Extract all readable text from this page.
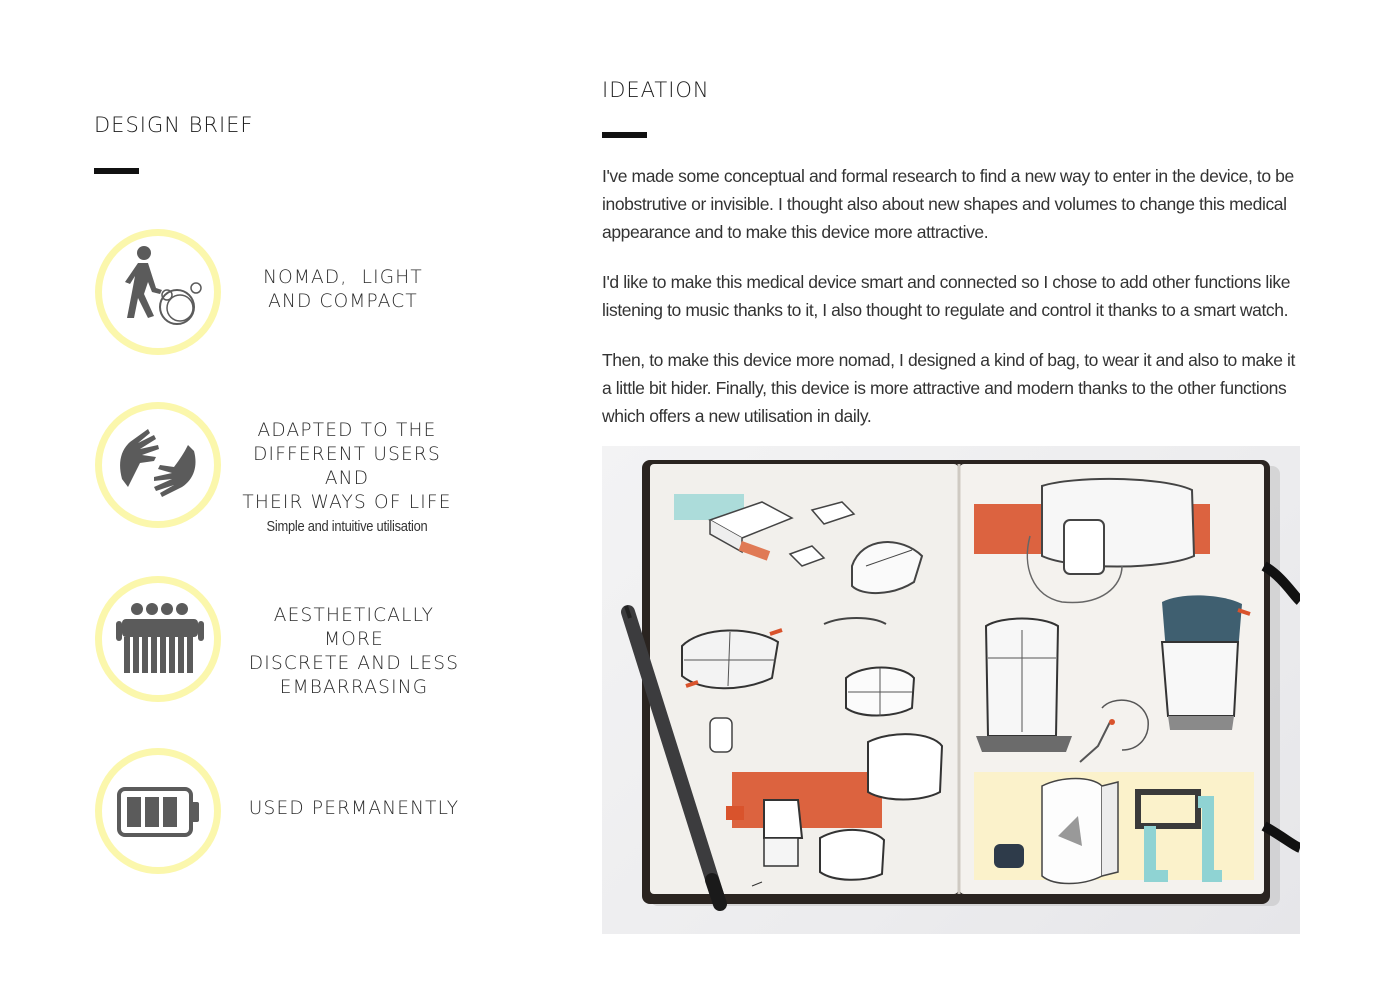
DESIGN BRIEF
NOMAD,  LIGHT
AND COMPACT
ADAPTED TO THE
DIFFERENT USERS AND
THEIR WAYS OF LIFE
Simple and intuitive utilisation
AESTHETICALLY MORE
DISCRETE AND LESS
EMBARRASING
USED PERMANENTLY
IDEATION

I've made some conceptual and formal research to find a new way to enter in the device, to be inobstrutive or invisible. I thought also about new shapes and volumes to change this medical appearance and to make this device more attractive.

I'd like to make this medical device smart and connected so I chose to add other functions like listening to music thanks to it, I also thought to regulate and control it thanks to a smart watch.

Then, to make this device more nomad, I designed a kind of bag, to wear it and also to make it a little bit hider. Finally, this device is more attractive and modern thanks to the other functions which offers a new utilisation in daily.
